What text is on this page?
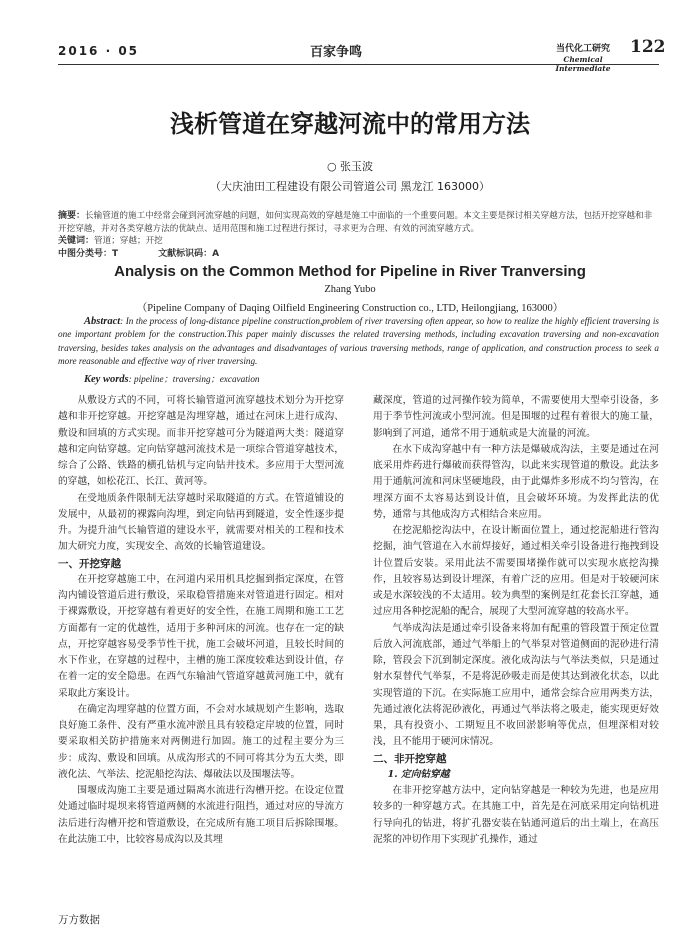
2016 · 05	百家争鸣	当代化工研究
Chemical Intermediate
122
浅析管道在穿越河流中的常用方法
○ 张玉波
（大庆油田工程建设有限公司管道公司 黑龙江 163000）
摘要：长输管道的施工中经常会碰到河流穿越的问题，如何实现高效的穿越是施工中面临的一个重要问题。本文主要是探讨相关穿越方法，包括开挖穿越和非开挖穿越，并对各类穿越方法的优缺点、适用范围和施工过程进行探讨，寻求更为合理、有效的河流穿越方式。
关键词：管道；穿越；开挖
中图分类号：T	文献标识码：A
Analysis on the Common Method for Pipeline in River Tranversing
Zhang Yubo
（Pipeline Company of Daqing Oilfield Engineering Construction co., LTD, Heilongjiang, 163000）
Abstract: In the process of long-distance pipeline construction,problem of river traversing often appear, so how to realize the highly efficient traversing is one important problem for the construction.This paper mainly discusses the related traversing methods, including excavation traversing and non-excavation traversing, besides takes analysis on the advantages and disadvantages of various traversing methods, range of application, and construction process to seek a more reasonable and effective way of river traversing.
Key words: pipeline；traversing；excavation

从敷设方式的不同，可将长输管道河流穿越技术划分为开挖穿越和非开挖穿越。开挖穿越是沟埋穿越，通过在河床上进行成沟、敷设和回填的方式实现。而非开挖穿越可分为隧道两大类：隧道穿越和定向钻穿越。定向钻穿越河流技术是一项综合管道穿越技术，综合了公路、铁路的横孔钻机与定向钻井技术。多应用于大型河流的穿越，如松花江、长江、黄河等。

在受地质条件限制无法穿越时采取隧道的方式。在管道铺设的发展中，从最初的裸露向沟埋，到定向钻再到隧道，安全性逐步提升。为提升油气长输管道的建设水平，就需要对相关的工程和技术加大研究力度，实现安全、高效的长输管道建设。

一、开挖穿越

在开挖穿越施工中，在河道内采用机具挖掘到指定深度，在管沟内铺设管道后进行敷设，采取稳管措施来对管道进行固定。相对于裸露敷设，开挖穿越有着更好的安全性，在施工周期和施工工艺方面都有一定的优越性，适用于多种河床的河流。也存在一定的缺点，开挖穿越容易受季节性干扰，施工会破坏河道，且较长时间的水下作业，在穿越的过程中，主槽的施工深度较难达到设计值，存在着一定的安全隐患。在西气东输油气管道穿越黄河施工中，就有采取此方案设计。

在确定沟埋穿越的位置方面，不会对水域规划产生影响，选取良好施工条件、没有严重水流冲淤且具有较稳定岸坡的位置，同时要采取相关防护措施来对两侧进行加固。施工的过程主要分为三步：成沟、敷设和回填。从成沟形式的不同可将其分为五大类，即液化法、气举法、挖泥船挖沟法、爆破法以及围堰法等。

围堰成沟施工主要是通过隔离水流进行沟槽开挖。在设定位置处通过临时堤坝来将管道两侧的水流进行阻挡，通过对应的导流方法后进行沟槽开挖和管道敷设，在完成所有施工项目后拆除围堰。在此法施工中，比较容易成沟以及其埋

藏深度，管道的过河操作较为简单，不需要使用大型牵引设备，多用于季节性河流或小型河流。但是围堰的过程有着很大的施工量，影响到了河道，通常不用于通航或是大流量的河流。

在水下成沟穿越中有一种方法是爆破成沟法，主要是通过在河底采用炸药进行爆破而获得管沟，以此来实现管道的敷设。此法多用于通航河流和河床坚硬地段，由于此爆炸多形成不均匀管沟，在埋深方面不太容易达到设计值，且会破坏环境。为发挥此法的优势，通常与其他成沟方式相结合来应用。

在挖泥船挖沟法中，在设计断面位置上，通过挖泥船进行管沟挖掘，油气管道在入水前焊接好，通过相关牵引设备进行拖拽到设计位置后安装。采用此法不需要围堵操作就可以实现水底挖沟操作，且较容易达到设计埋深，有着广泛的应用。但是对于较硬河床或是水深较浅的不太适用。较为典型的案例是红花套长江穿越，通过应用各种挖泥船的配合，展现了大型河流穿越的较高水平。

气举成沟法是通过牵引设备来将加有配重的管段置于预定位置后放入河流底部，通过气举船上的气举泵对管道侧面的泥砂进行清除，管段会下沉到制定深度。液化成沟法与气举法类似，只是通过射水泵替代气举泵，不是将泥砂吸走而是使其达到液化状态，以此实现管道的下沉。在实际施工应用中，通常会综合应用两类方法，先通过液化法将泥砂液化，再通过气举法将之吸走，能实现更好效果，具有投资小、工期短且不收回淤影响等优点，但埋深相对较浅，且不能用于硬河床情况。

二、非开挖穿越
1. 定向钻穿越

在非开挖穿越方法中，定向钻穿越是一种较为先进，也是应用较多的一种穿越方式。在其施工中，首先是在河底采用定向钻机进行导向孔的钻进，将扩孔器安装在钻通河道后的出土端上，在高压泥浆的冲切作用下实现扩孔操作，通过

万方数据
